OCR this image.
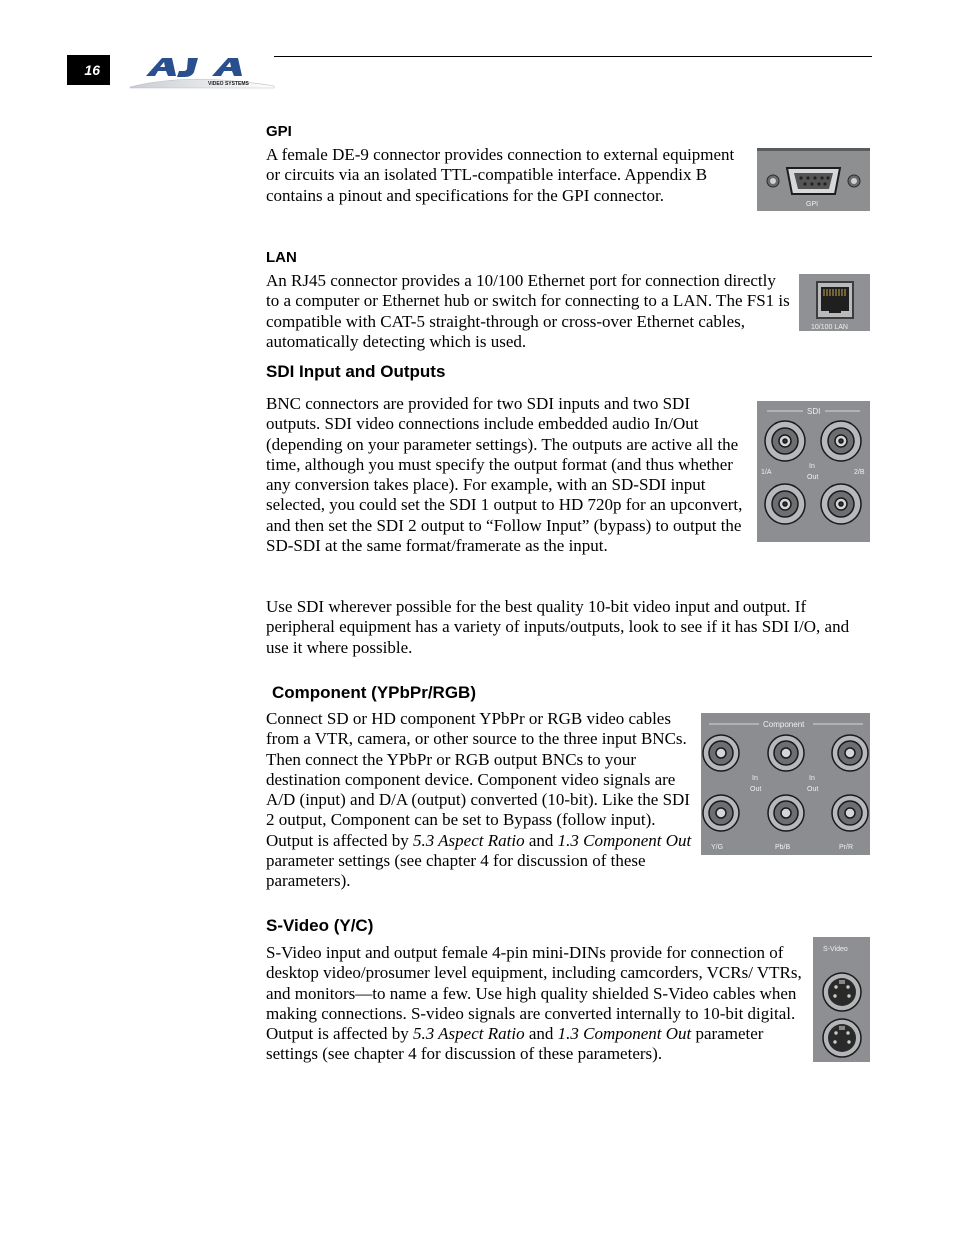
16
VIDEO SYSTEMS
GPI

A female DE-9 connector provides connection to external equipment or circuits via an isolated TTL-compatible interface. Appendix B contains a pinout and specifications for the GPI connector.	GPI
LAN

An RJ45 connector provides a 10/100 Ethernet port for connection directly to a computer or Ethernet hub or switch for connecting to a LAN. The FS1 is compatible with CAT-5 straight-through or cross-over Ethernet cables, automatically detecting which is used.

10/100 LAN
SDI Input and Outputs

BNC connectors are provided for two SDI inputs and two SDI outputs. SDI video connections include embedded audio In/Out (depending on your parameter settings). The outputs are active all the time, although you must specify the output format (and thus whether any conversion takes place). For example, with an SD-SDI input selected, you could set the SDI 1 output to HD 720p for an upconvert, and then set the SDI 2 output to “Follow Input” (bypass) to output the SD-SDI at the same format/framerate as the input.

SDI
1/A	2/B
In
Out

Use SDI wherever possible for the best quality 10-bit video input and output. If peripheral equipment has a variety of inputs/outputs, look to see if it has SDI I/O, and use it where possible.

Component (YPbPr/RGB)

Connect SD or HD component YPbPr or RGB video cables from a VTR, camera, or other source to the three input BNCs. Then connect the YPbPr or RGB output BNCs to your destination component device. Component video signals are A/D (input) and D/A (output) converted (10-bit). Like the SDI 2 output, Component can be set to Bypass (follow input). Output is affected by 5.3 Aspect Ratio and 1.3 Component Out parameter settings (see chapter 4 for discussion of these parameters).

Component
In
Out
In
Out
Y/G	Pb/B	Pr/R
S-Video (Y/C)

S-Video input and output female 4-pin mini-DINs provide for connection of desktop video/prosumer level equipment, including camcorders, VCRs/ VTRs, and monitors—to name a few. Use high quality shielded S-Video cables when making connections. S-video signals are converted internally to 10-bit digital. Output is affected by 5.3 Aspect Ratio and 1.3 Component Out parameter settings (see chapter 4 for discussion of these parameters).

S-Video
